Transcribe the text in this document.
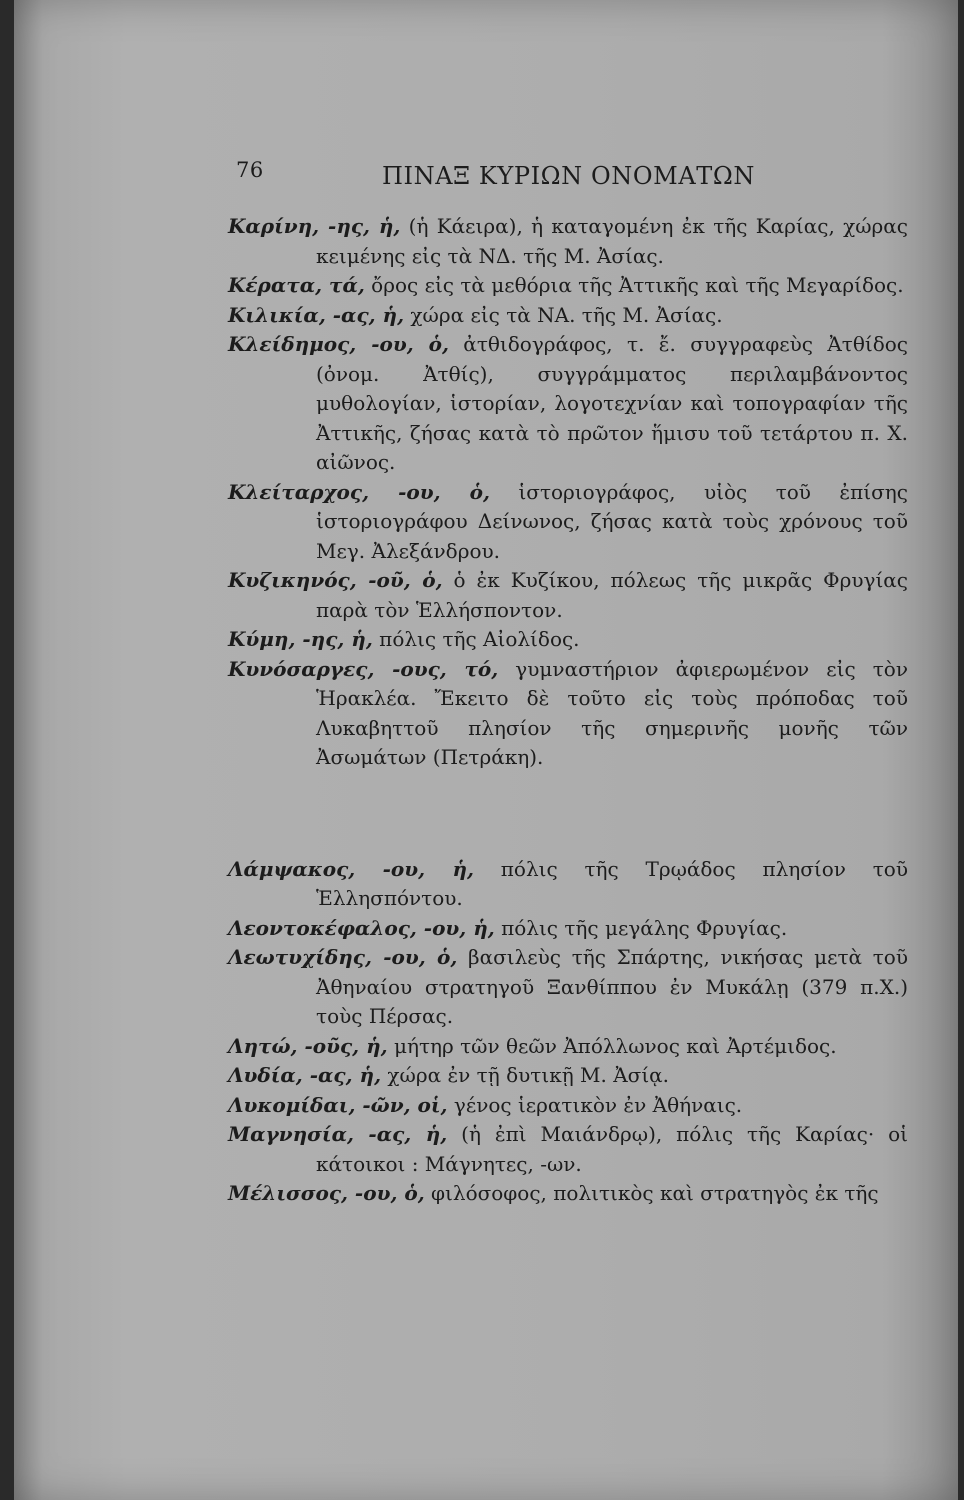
76	ΠΙΝΑΞ ΚΥΡΙΩΝ ΟΝΟΜΑΤΩΝ

Καρίνη, -ης, ἡ, (ἡ Κάειρα), ἡ καταγομένη ἐκ τῆς Καρίας, χώρας κειμένης εἰς τὰ ΝΔ. τῆς Μ. Ἀσίας.

Κέρατα, τά, ὄρος εἰς τὰ μεθόρια τῆς Ἀττικῆς καὶ τῆς Μεγαρίδος.

Κιλικία, -ας, ἡ, χώρα εἰς τὰ ΝΑ. τῆς Μ. Ἀσίας.

Κλείδημος, -ου, ὁ, ἀτθιδογράφος, τ. ἔ. συγγραφεὺς Ἀτθίδος (ὀνομ. Ἀτθίς), συγγράμματος περιλαμβάνοντος μυθολογίαν, ἱστορίαν, λογοτεχνίαν καὶ τοπογραφίαν τῆς Ἀττικῆς, ζήσας κατὰ τὸ πρῶτον ἥμισυ τοῦ τετάρτου π. Χ. αἰῶνος.

Κλείταρχος, -ου, ὁ, ἱστοριογράφος, υἱὸς τοῦ ἐπίσης ἱστοριογράφου Δείνωνος, ζήσας κατὰ τοὺς χρόνους τοῦ Μεγ. Ἀλεξάνδρου.

Κυζικηνός, -οῦ, ὁ, ὁ ἐκ Κυζίκου, πόλεως τῆς μικρᾶς Φρυγίας παρὰ τὸν Ἑλλήσποντον.

Κύμη, -ης, ἡ, πόλις τῆς Αἰολίδος.

Κυνόσαργες, -ους, τό, γυμναστήριον ἀφιερωμένον εἰς τὸν Ἡρακλέα. Ἔκειτο δὲ τοῦτο εἰς τοὺς πρόποδας τοῦ Λυκαβηττοῦ πλησίον τῆς σημερινῆς μονῆς τῶν Ἀσωμάτων (Πετράκη).

Λάμψακος, -ου, ἡ, πόλις τῆς Τρῳάδος πλησίον τοῦ Ἑλλησπόντου.

Λεοντοκέφαλος, -ου, ἡ, πόλις τῆς μεγάλης Φρυγίας.

Λεωτυχίδης, -ου, ὁ, βασιλεὺς τῆς Σπάρτης, νικήσας μετὰ τοῦ Ἀθηναίου στρατηγοῦ Ξανθίππου ἐν Μυκάλῃ (379 π.Χ.) τοὺς Πέρσας.

Λητώ, -οῦς, ἡ, μήτηρ τῶν θεῶν Ἀπόλλωνος καὶ Ἀρτέμιδος.

Λυδία, -ας, ἡ, χώρα ἐν τῇ δυτικῇ Μ. Ἀσίᾳ.

Λυκομίδαι, -ῶν, οἱ, γένος ἱερατικὸν ἐν Ἀθήναις.

Μαγνησία, -ας, ἡ, (ἡ ἐπὶ Μαιάνδρῳ), πόλις τῆς Καρίας· οἱ κάτοικοι : Μάγνητες, -ων.

Μέλισσος, -ου, ὁ, φιλόσοφος, πολιτικὸς καὶ στρατηγὸς ἐκ τῆς
